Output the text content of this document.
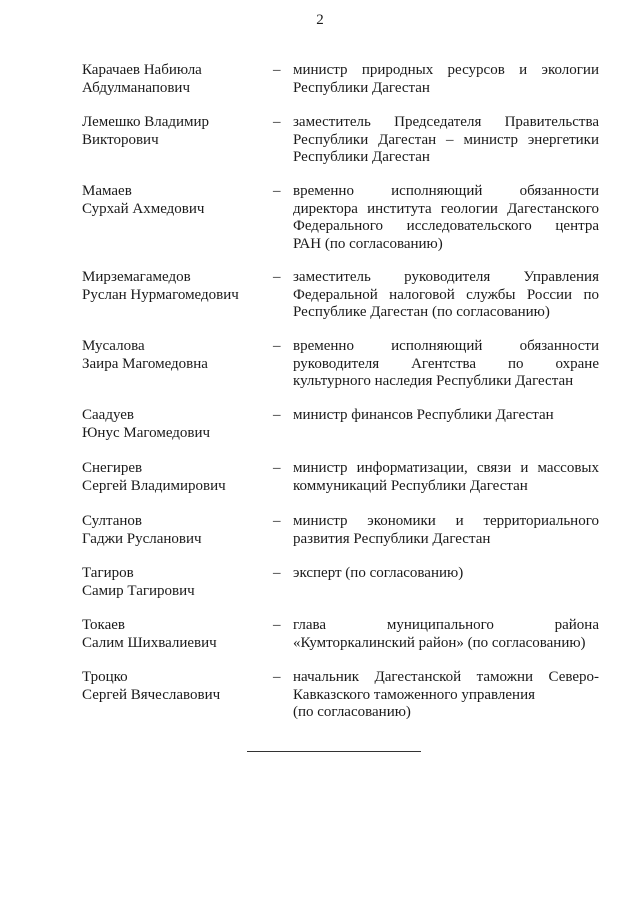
2
Карачаев Набиюла
Абдулманапович
– министр природных ресурсов и экологии
Республики Дагестан
Лемешко Владимир
Викторович
– заместитель Председателя Правительства
Республики Дагестан – министр энергетики
Республики Дагестан
Мамаев
Сурхай Ахмедович
– временно исполняющий обязанности
директора института геологии Дагестанского
Федерального исследовательского центра
РАН (по согласованию)
Мирземагамедов
Руслан Нурмагомедович
– заместитель руководителя Управления
Федеральной налоговой службы России по
Республике Дагестан (по согласованию)
Мусалова
Заира Магомедовна
– временно исполняющий обязанности
руководителя Агентства по охране
культурного наследия Республики Дагестан
Саадуев
Юнус Магомедович
– министр финансов Республики Дагестан
Снегирев
Сергей Владимирович
– министр информатизации, связи и массовых
коммуникаций Республики Дагестан
Султанов
Гаджи Русланович
– министр экономики и территориального
развития Республики Дагестан
Тагиров
Самир Тагирович
– эксперт (по согласованию)
Токаев
Салим Шихвалиевич
– глава муниципального района
«Кумторкалинский район» (по согласованию)
Троцко
Сергей Вячеславович
– начальник Дагестанской таможни Северо-
Кавказского таможенного управления
(по согласованию)
